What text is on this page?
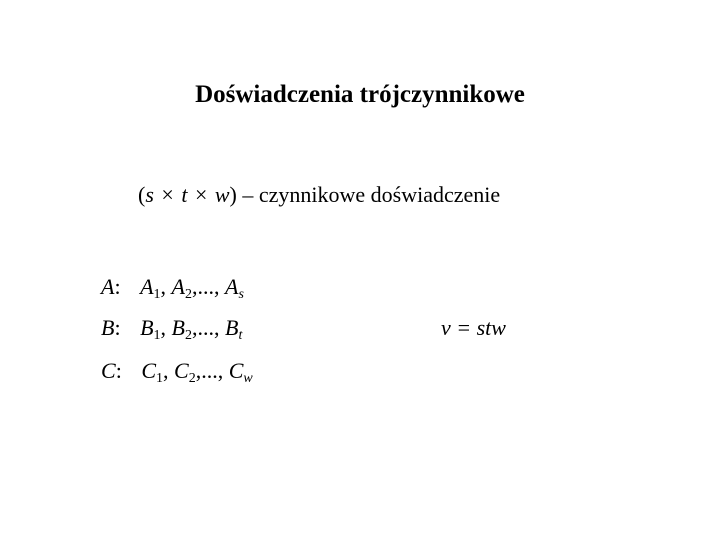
Doświadczenia trójczynnikowe
(s × t × w) – czynnikowe doświadczenie
A: $A_1$, $A_2$,..., $A_s$
B: $B_1$, $B_2$,..., $B_t$
C: $C_1$, $C_2$,..., $C_w$
v = stw
